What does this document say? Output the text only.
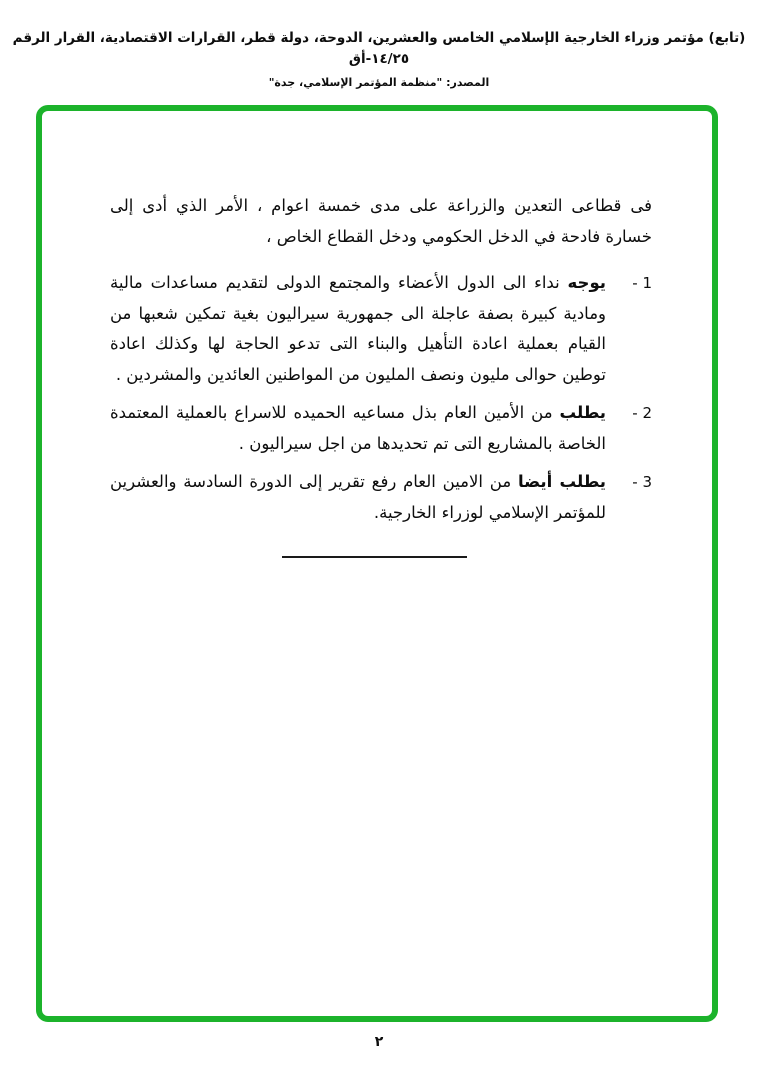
(تابع) مؤتمر وزراء الخارجية الإسلامي الخامس والعشرين، الدوحة، دولة قطر، القرارات الاقتصادية، القرار الرقم ١٤/٢٥-أق
المصدر: "منظمة المؤتمر الإسلامي، جدة"

فى قطاعى التعدين والزراعة على مدى خمسة اعوام ، الأمر الذي أدى إلى خسارة فادحة في الدخل الحكومي ودخل القطاع الخاص ،

1 -
يوجه نداء الى الدول الأعضاء والمجتمع الدولى لتقديم مساعدات مالية ومادية كبيرة بصفة عاجلة الى جمهورية سيراليون بغية تمكين شعبها من القيام بعملية اعادة التأهيل والبناء التى تدعو الحاجة لها وكذلك اعادة توطين حوالى مليون ونصف المليون من المواطنين العائدين والمشردين .
2 -
يطلب من الأمين العام بذل مساعيه الحميده للاسراع بالعملية المعتمدة الخاصة بالمشاريع التى تم تحديدها من اجل سيراليون .
3 -
يطلب أيضا من الامين العام رفع تقرير إلى الدورة السادسة والعشرين للمؤتمر الإسلامي لوزراء الخارجية.
٢
